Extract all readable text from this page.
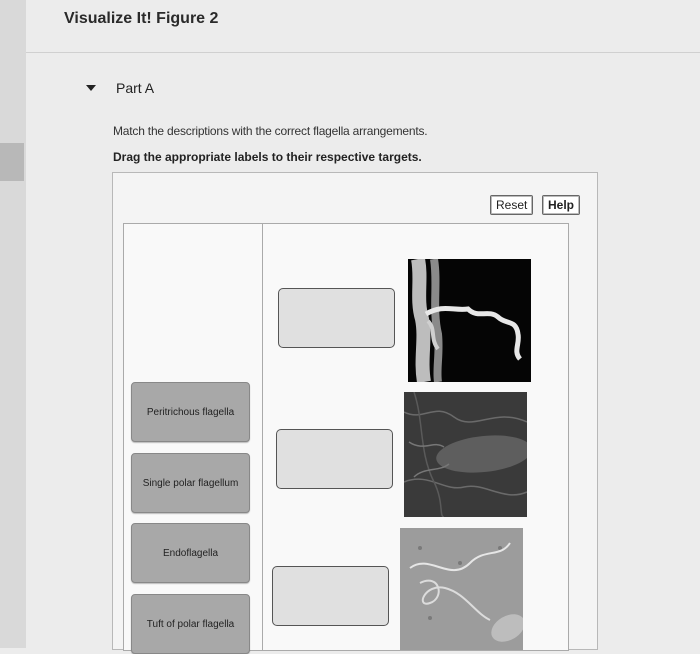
Visualize It! Figure 2
Part A
Match the descriptions with the correct flagella arrangements.
Drag the appropriate labels to their respective targets.
Reset	Help
Peritrichous flagella
Single polar flagellum
Endoflagella
Tuft of polar flagella
